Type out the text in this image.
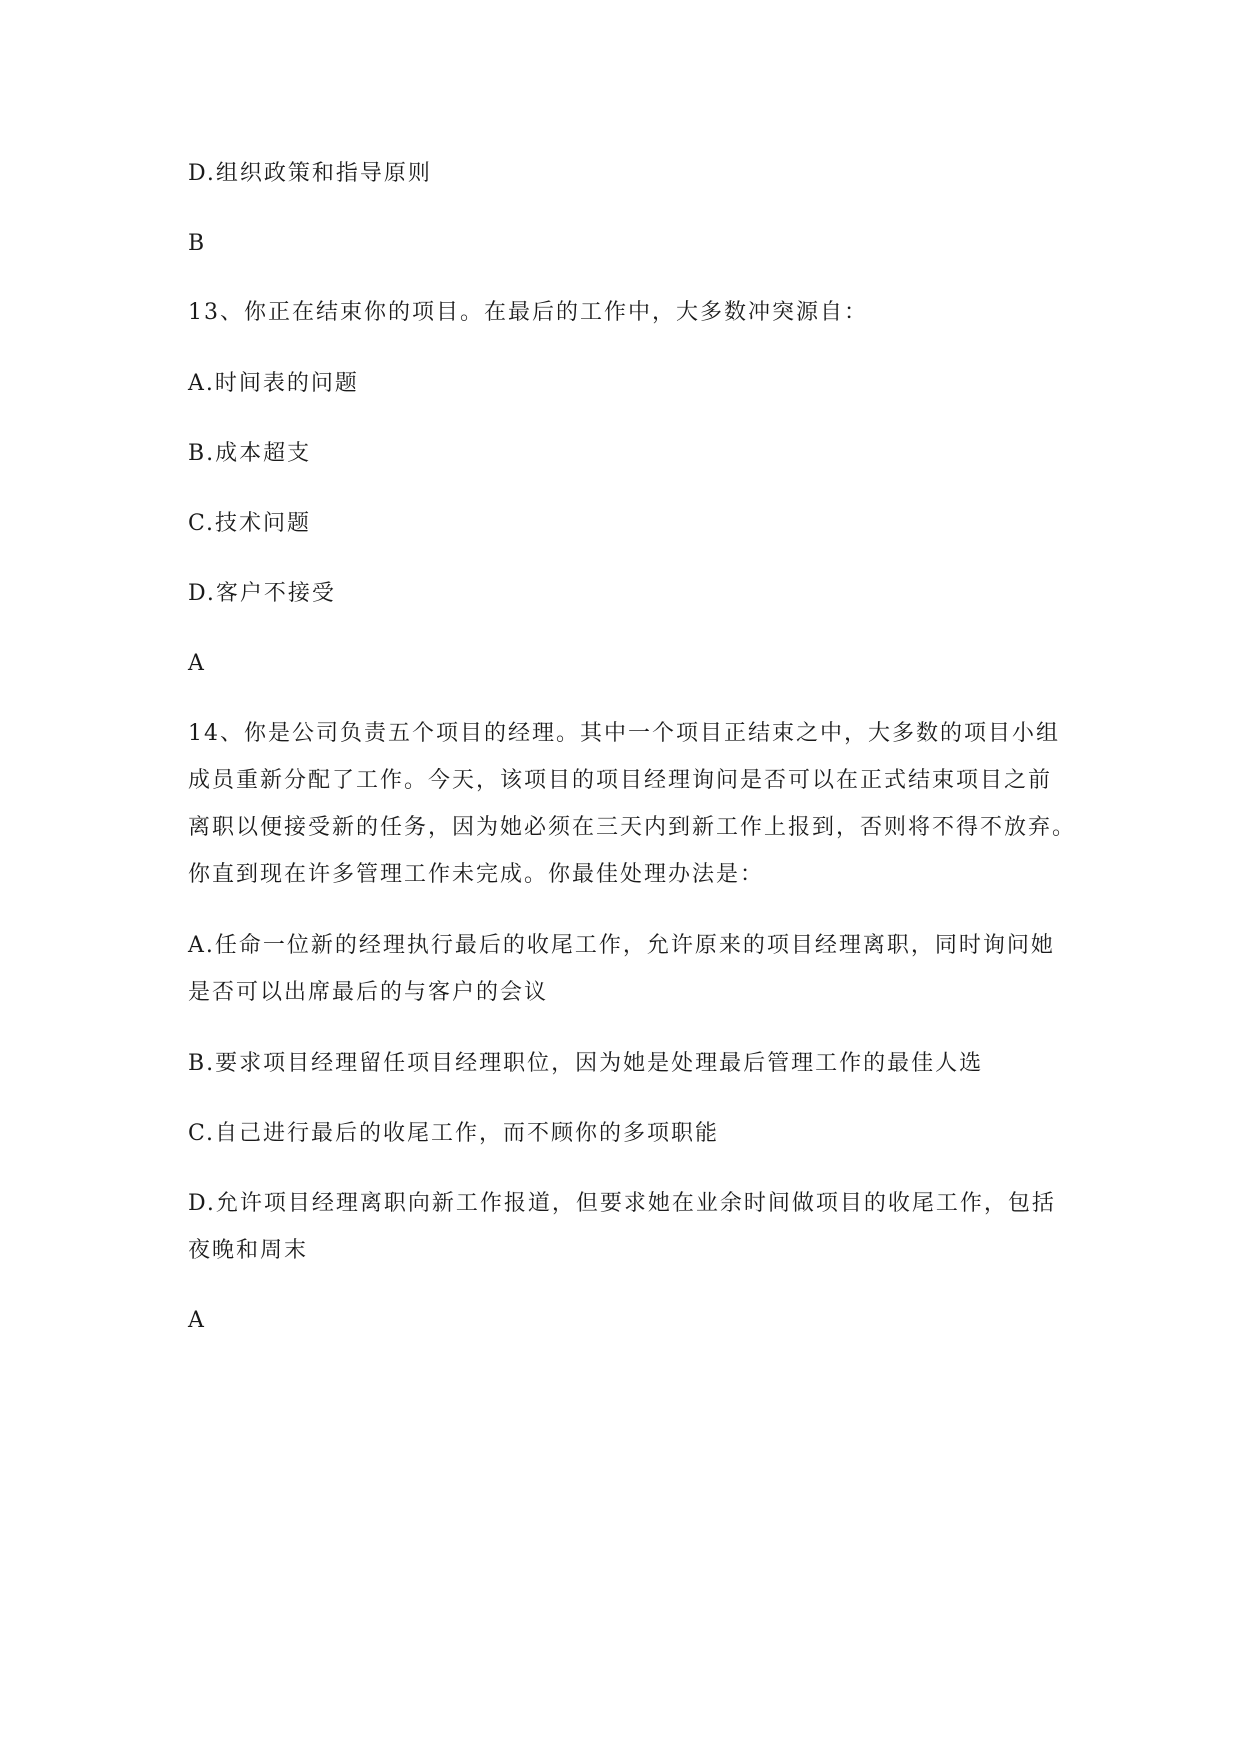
D.组织政策和指导原则
B
13、你正在结束你的项目。在最后的工作中，大多数冲突源自：
A.时间表的问题
B.成本超支
C.技术问题
D.客户不接受
A
14、你是公司负责五个项目的经理。其中一个项目正结束之中，大多数的项目小组
成员重新分配了工作。今天，该项目的项目经理询问是否可以在正式结束项目之前
离职以便接受新的任务，因为她必须在三天内到新工作上报到，否则将不得不放弃。
你直到现在许多管理工作未完成。你最佳处理办法是：
A.任命一位新的经理执行最后的收尾工作，允许原来的项目经理离职，同时询问她
是否可以出席最后的与客户的会议
B.要求项目经理留任项目经理职位，因为她是处理最后管理工作的最佳人选
C.自己进行最后的收尾工作，而不顾你的多项职能
D.允许项目经理离职向新工作报道，但要求她在业余时间做项目的收尾工作，包括
夜晚和周末
A
